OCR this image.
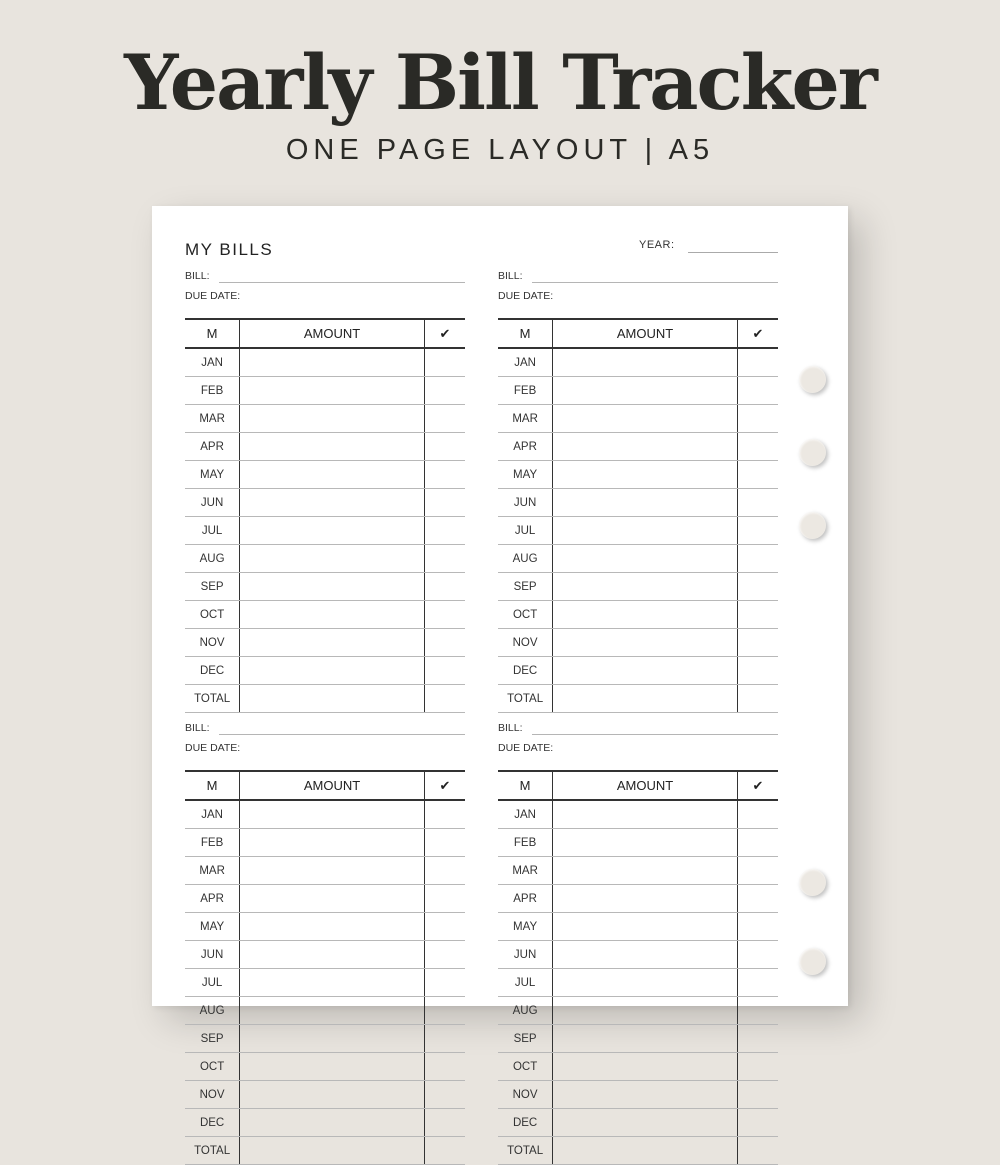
Yearly Bill Tracker
ONE PAGE LAYOUT | A5
MY BILLS	YEAR:
BILL:
DUE DATE:
M	AMOUNT	✔
JAN		
FEB		
MAR		
APR		
MAY		
JUN		
JUL		
AUG		
SEP		
OCT		
NOV		
DEC		
TOTAL		
BILL:
DUE DATE:
M	AMOUNT	✔
JAN		
FEB		
MAR		
APR		
MAY		
JUN		
JUL		
AUG		
SEP		
OCT		
NOV		
DEC		
TOTAL		
BILL:
DUE DATE:
M	AMOUNT	✔
JAN		
FEB		
MAR		
APR		
MAY		
JUN		
JUL		
AUG		
SEP		
OCT		
NOV		
DEC		
TOTAL		
BILL:
DUE DATE:
M	AMOUNT	✔
JAN		
FEB		
MAR		
APR		
MAY		
JUN		
JUL		
AUG		
SEP		
OCT		
NOV		
DEC		
TOTAL		
